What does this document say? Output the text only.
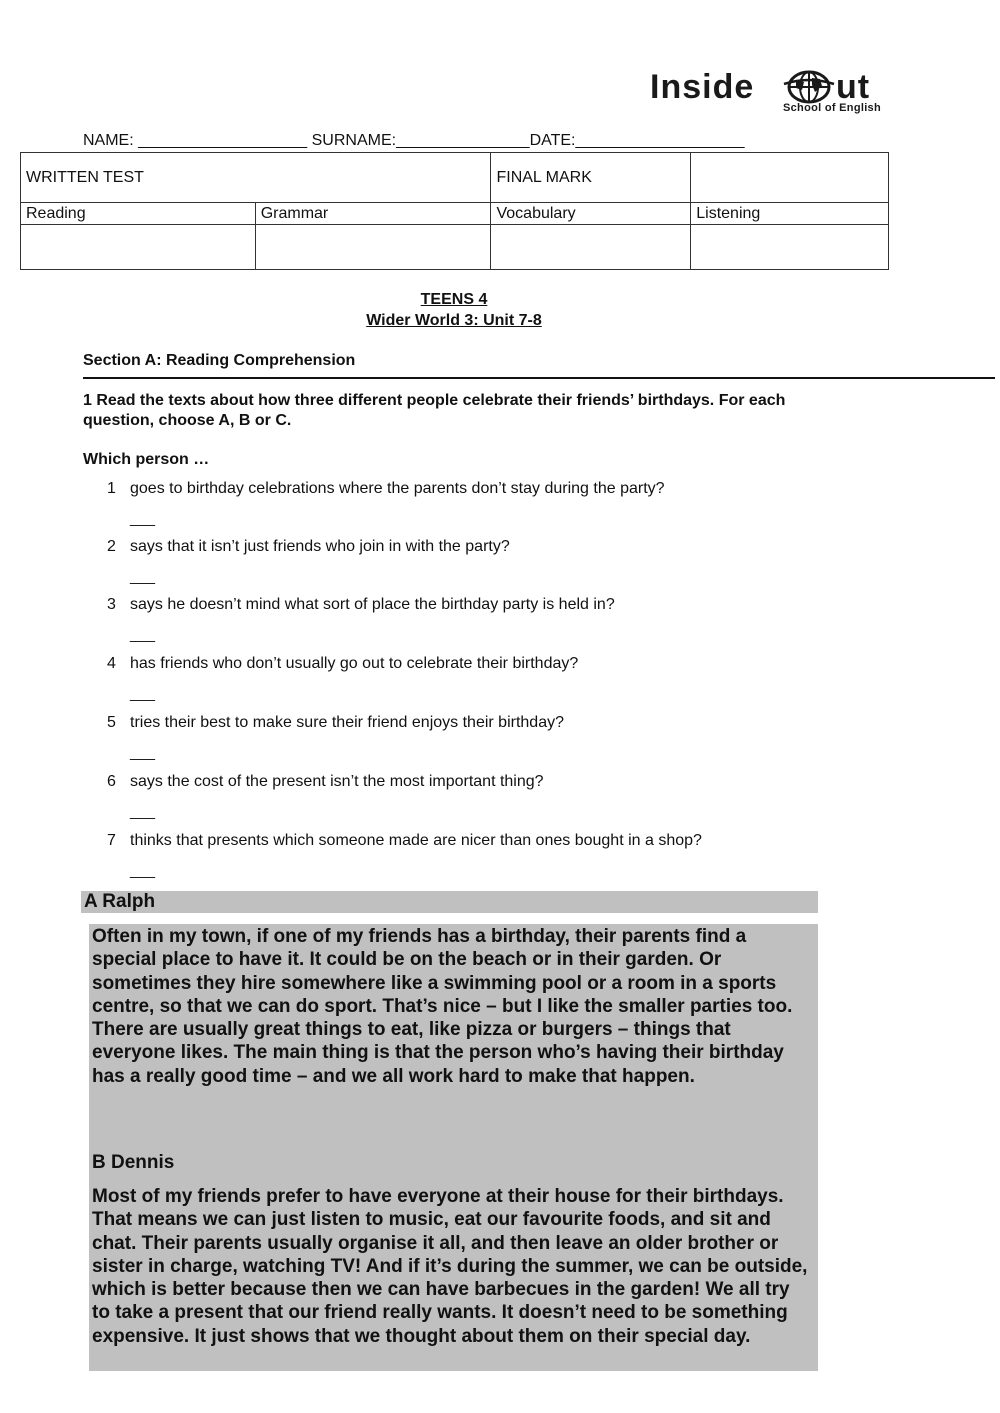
Inside ut
School of English
NAME: ___________________ SURNAME:_______________DATE:___________________
WRITTEN TEST		FINAL MARK	
Reading	Grammar	Vocabulary	Listening

TEENS 4
Wider World 3: Unit 7-8
Section A: Reading Comprehension
1 Read the texts about how three different people celebrate their friends’ birthdays. For each question, choose A, B or C.
Which person …
1 goes to birthday celebrations where the parents don’t stay during the party?
___
2 says that it isn’t just friends who join in with the party?
___
3 says he doesn’t mind what sort of place the birthday party is held in?
___
4 has friends who don’t usually go out to celebrate their birthday?
___
5 tries their best to make sure their friend enjoys their birthday?
___
6 says the cost of the present isn’t the most important thing?
___
7 thinks that presents which someone made are nicer than ones bought in a shop?
___
A Ralph
Often in my town, if one of my friends has a birthday, their parents find a special place to have it. It could be on the beach or in their garden. Or sometimes they hire somewhere like a swimming pool or a room in a sports centre, so that we can do sport. That’s nice – but I like the smaller parties too. There are usually great things to eat, like pizza or burgers – things that everyone likes. The main thing is that the person who’s having their birthday has a really good time – and we all work hard to make that happen.
B Dennis
Most of my friends prefer to have everyone at their house for their birthdays. That means we can just listen to music, eat our favourite foods, and sit and chat. Their parents usually organise it all, and then leave an older brother or sister in charge, watching TV! And if it’s during the summer, we can be outside, which is better because then we can have barbecues in the garden! We all try to take a present that our friend really wants. It doesn’t need to be something expensive. It just shows that we thought about them on their special day.
